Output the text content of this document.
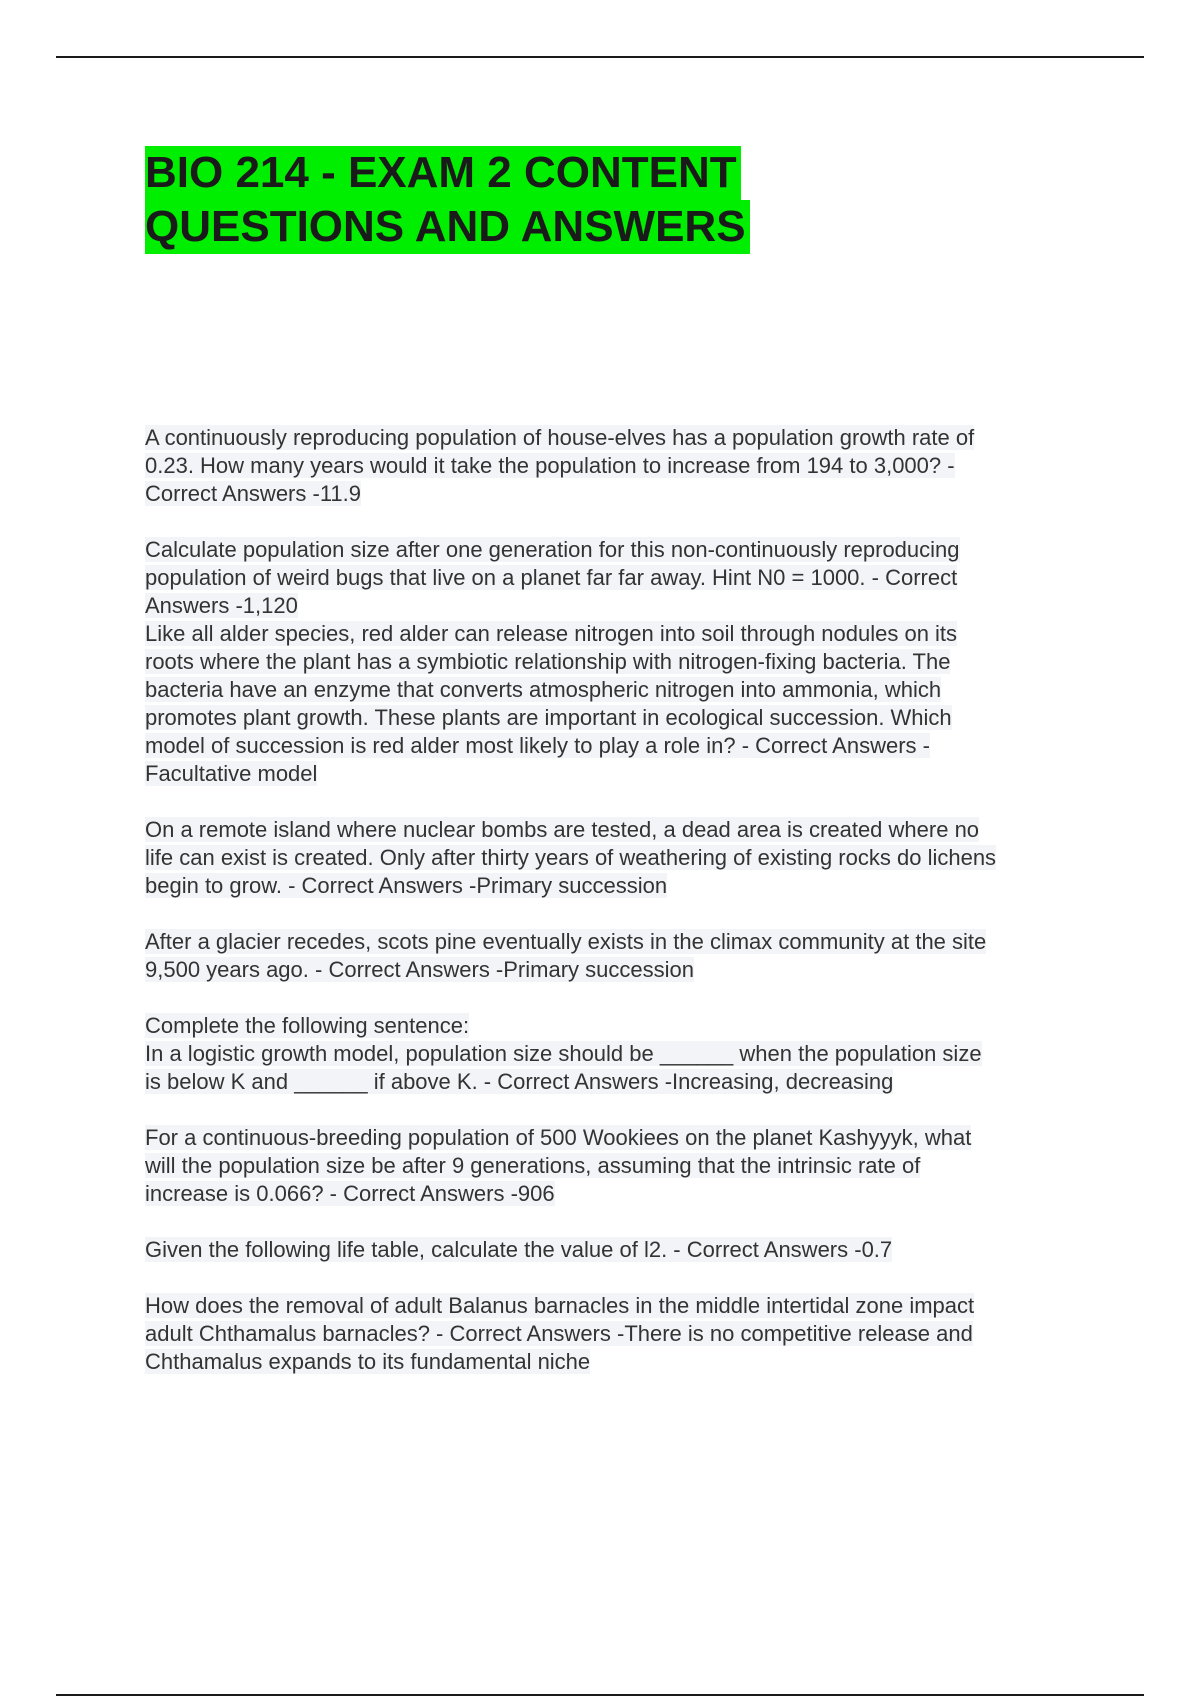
BIO 214 - EXAM 2 CONTENT
QUESTIONS AND ANSWERS
A continuously reproducing population of house-elves has a population growth rate of
0.23. How many years would it take the population to increase from 194 to 3,000? -
Correct Answers -11.9
Calculate population size after one generation for this non-continuously reproducing
population of weird bugs that live on a planet far far away. Hint N0 = 1000. - Correct
Answers -1,120
Like all alder species, red alder can release nitrogen into soil through nodules on its
roots where the plant has a symbiotic relationship with nitrogen-fixing bacteria. The
bacteria have an enzyme that converts atmospheric nitrogen into ammonia, which
promotes plant growth. These plants are important in ecological succession. Which
model of succession is red alder most likely to play a role in? - Correct Answers -
Facultative model
On a remote island where nuclear bombs are tested, a dead area is created where no
life can exist is created. Only after thirty years of weathering of existing rocks do lichens
begin to grow. - Correct Answers -Primary succession
After a glacier recedes, scots pine eventually exists in the climax community at the site
9,500 years ago. - Correct Answers -Primary succession
Complete the following sentence:
In a logistic growth model, population size should be ______ when the population size
is below K and ______ if above K. - Correct Answers -Increasing, decreasing
For a continuous-breeding population of 500 Wookiees on the planet Kashyyyk, what
will the population size be after 9 generations, assuming that the intrinsic rate of
increase is 0.066? - Correct Answers -906
Given the following life table, calculate the value of l2. - Correct Answers -0.7
How does the removal of adult Balanus barnacles in the middle intertidal zone impact
adult Chthamalus barnacles? - Correct Answers -There is no competitive release and
Chthamalus expands to its fundamental niche
